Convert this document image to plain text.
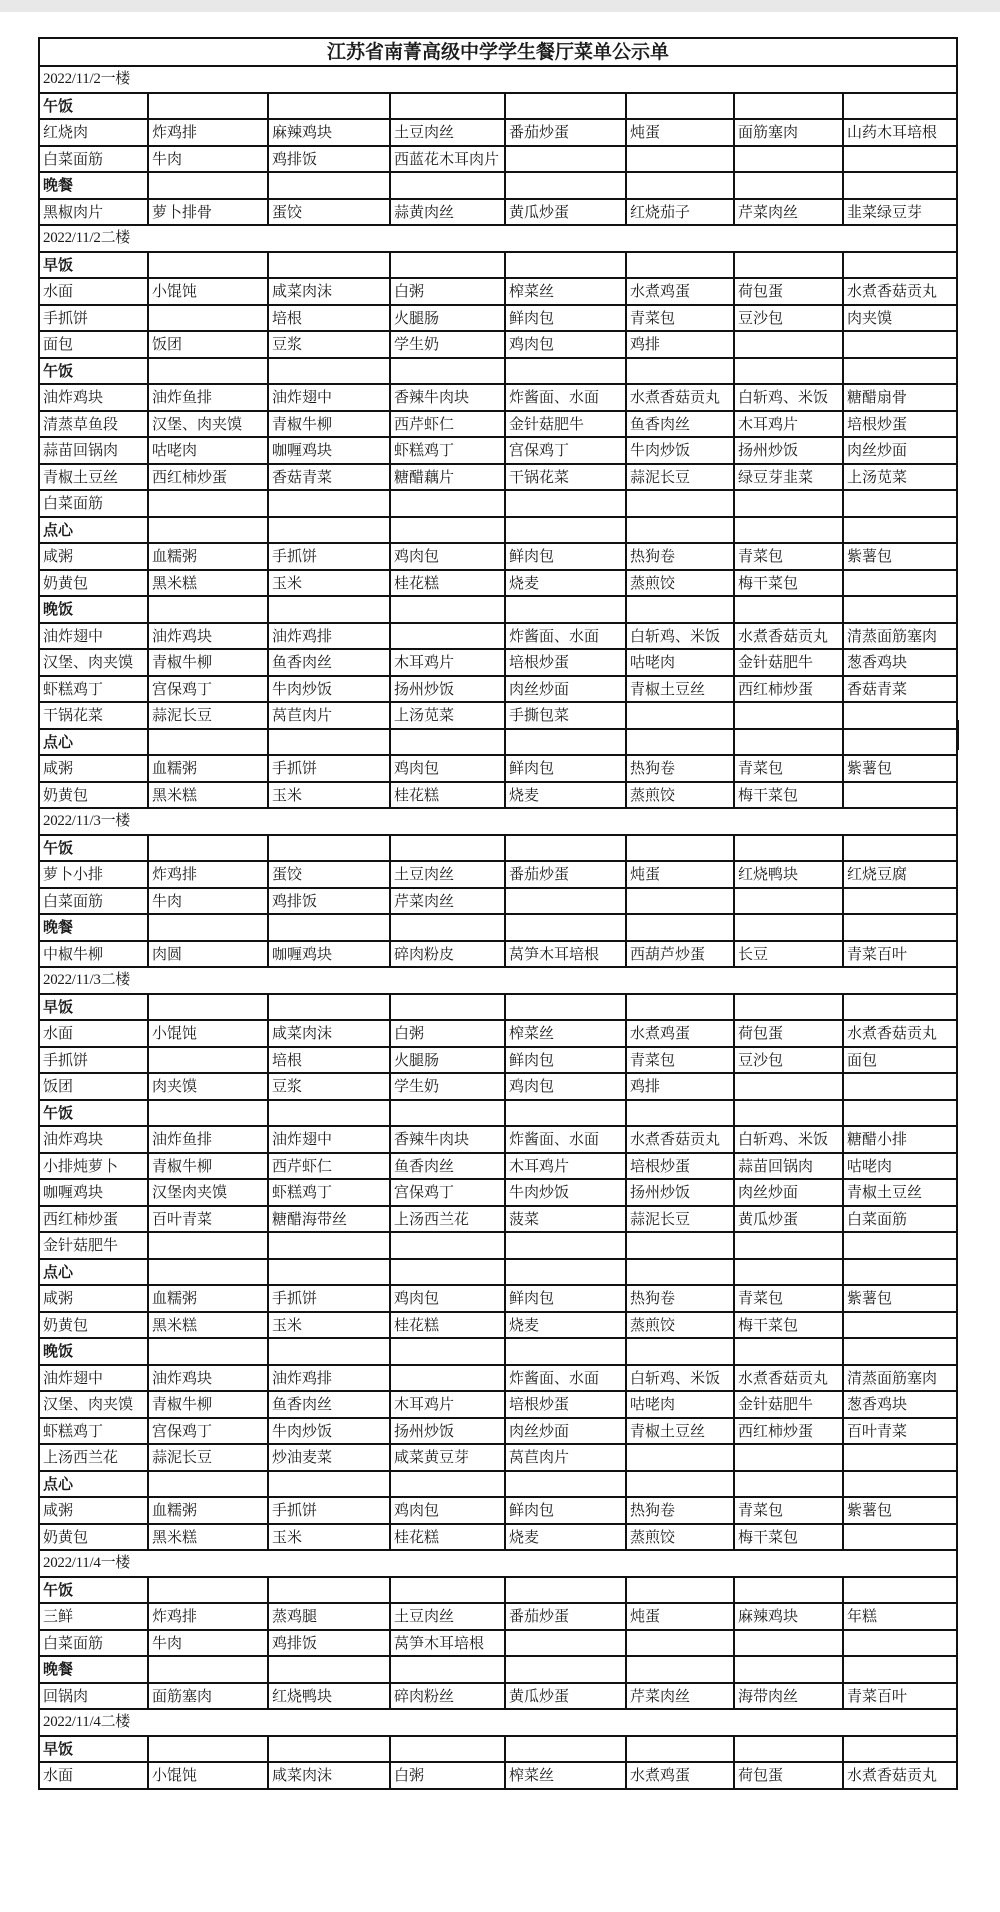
江苏省南菁高级中学学生餐厅菜单公示单							
2022/11/2一楼							
午饭							
红烧肉	炸鸡排	麻辣鸡块	土豆肉丝	番茄炒蛋	炖蛋	面筋塞肉	山药木耳培根
白菜面筋	牛肉	鸡排饭	西蓝花木耳肉片				
晚餐							
黑椒肉片	萝卜排骨	蛋饺	蒜黄肉丝	黄瓜炒蛋	红烧茄子	芹菜肉丝	韭菜绿豆芽
2022/11/2二楼							
早饭							
水面	小馄饨	咸菜肉沫	白粥	榨菜丝	水煮鸡蛋	荷包蛋	水煮香菇贡丸
手抓饼		培根	火腿肠	鲜肉包	青菜包	豆沙包	肉夹馍
面包	饭团	豆浆	学生奶	鸡肉包	鸡排		
午饭							
油炸鸡块	油炸鱼排	油炸翅中	香辣牛肉块	炸酱面、水面	水煮香菇贡丸	白斩鸡、米饭	糖醋扇骨
清蒸草鱼段	汉堡、肉夹馍	青椒牛柳	西芹虾仁	金针菇肥牛	鱼香肉丝	木耳鸡片	培根炒蛋
蒜苗回锅肉	咕咾肉	咖喱鸡块	虾糕鸡丁	宫保鸡丁	牛肉炒饭	扬州炒饭	肉丝炒面
青椒土豆丝	西红柿炒蛋	香菇青菜	糖醋藕片	干锅花菜	蒜泥长豆	绿豆芽韭菜	上汤苋菜
白菜面筋							
点心							
咸粥	血糯粥	手抓饼	鸡肉包	鲜肉包	热狗卷	青菜包	紫薯包
奶黄包	黑米糕	玉米	桂花糕	烧麦	蒸煎饺	梅干菜包	
晚饭							
油炸翅中	油炸鸡块	油炸鸡排		炸酱面、水面	白斩鸡、米饭	水煮香菇贡丸	清蒸面筋塞肉
汉堡、肉夹馍	青椒牛柳	鱼香肉丝	木耳鸡片	培根炒蛋	咕咾肉	金针菇肥牛	葱香鸡块
虾糕鸡丁	宫保鸡丁	牛肉炒饭	扬州炒饭	肉丝炒面	青椒土豆丝	西红柿炒蛋	香菇青菜
干锅花菜	蒜泥长豆	莴苣肉片	上汤苋菜	手撕包菜			
点心							
咸粥	血糯粥	手抓饼	鸡肉包	鲜肉包	热狗卷	青菜包	紫薯包
奶黄包	黑米糕	玉米	桂花糕	烧麦	蒸煎饺	梅干菜包	
2022/11/3一楼							
午饭							
萝卜小排	炸鸡排	蛋饺	土豆肉丝	番茄炒蛋	炖蛋	红烧鸭块	红烧豆腐
白菜面筋	牛肉	鸡排饭	芹菜肉丝				
晚餐							
中椒牛柳	肉圆	咖喱鸡块	碎肉粉皮	莴笋木耳培根	西葫芦炒蛋	长豆	青菜百叶
2022/11/3二楼							
早饭							
水面	小馄饨	咸菜肉沫	白粥	榨菜丝	水煮鸡蛋	荷包蛋	水煮香菇贡丸
手抓饼		培根	火腿肠	鲜肉包	青菜包	豆沙包	面包
饭团	肉夹馍	豆浆	学生奶	鸡肉包	鸡排		
午饭							
油炸鸡块	油炸鱼排	油炸翅中	香辣牛肉块	炸酱面、水面	水煮香菇贡丸	白斩鸡、米饭	糖醋小排
小排炖萝卜	青椒牛柳	西芹虾仁	鱼香肉丝	木耳鸡片	培根炒蛋	蒜苗回锅肉	咕咾肉
咖喱鸡块	汉堡肉夹馍	虾糕鸡丁	宫保鸡丁	牛肉炒饭	扬州炒饭	肉丝炒面	青椒土豆丝
西红柿炒蛋	百叶青菜	糖醋海带丝	上汤西兰花	菠菜	蒜泥长豆	黄瓜炒蛋	白菜面筋
金针菇肥牛							
点心							
咸粥	血糯粥	手抓饼	鸡肉包	鲜肉包	热狗卷	青菜包	紫薯包
奶黄包	黑米糕	玉米	桂花糕	烧麦	蒸煎饺	梅干菜包	
晚饭							
油炸翅中	油炸鸡块	油炸鸡排		炸酱面、水面	白斩鸡、米饭	水煮香菇贡丸	清蒸面筋塞肉
汉堡、肉夹馍	青椒牛柳	鱼香肉丝	木耳鸡片	培根炒蛋	咕咾肉	金针菇肥牛	葱香鸡块
虾糕鸡丁	宫保鸡丁	牛肉炒饭	扬州炒饭	肉丝炒面	青椒土豆丝	西红柿炒蛋	百叶青菜
上汤西兰花	蒜泥长豆	炒油麦菜	咸菜黄豆芽	莴苣肉片			
点心							
咸粥	血糯粥	手抓饼	鸡肉包	鲜肉包	热狗卷	青菜包	紫薯包
奶黄包	黑米糕	玉米	桂花糕	烧麦	蒸煎饺	梅干菜包	
2022/11/4一楼							
午饭							
三鲜	炸鸡排	蒸鸡腿	土豆肉丝	番茄炒蛋	炖蛋	麻辣鸡块	年糕
白菜面筋	牛肉	鸡排饭	莴笋木耳培根				
晚餐							
回锅肉	面筋塞肉	红烧鸭块	碎肉粉丝	黄瓜炒蛋	芹菜肉丝	海带肉丝	青菜百叶
2022/11/4二楼							
早饭							
水面	小馄饨	咸菜肉沫	白粥	榨菜丝	水煮鸡蛋	荷包蛋	水煮香菇贡丸
